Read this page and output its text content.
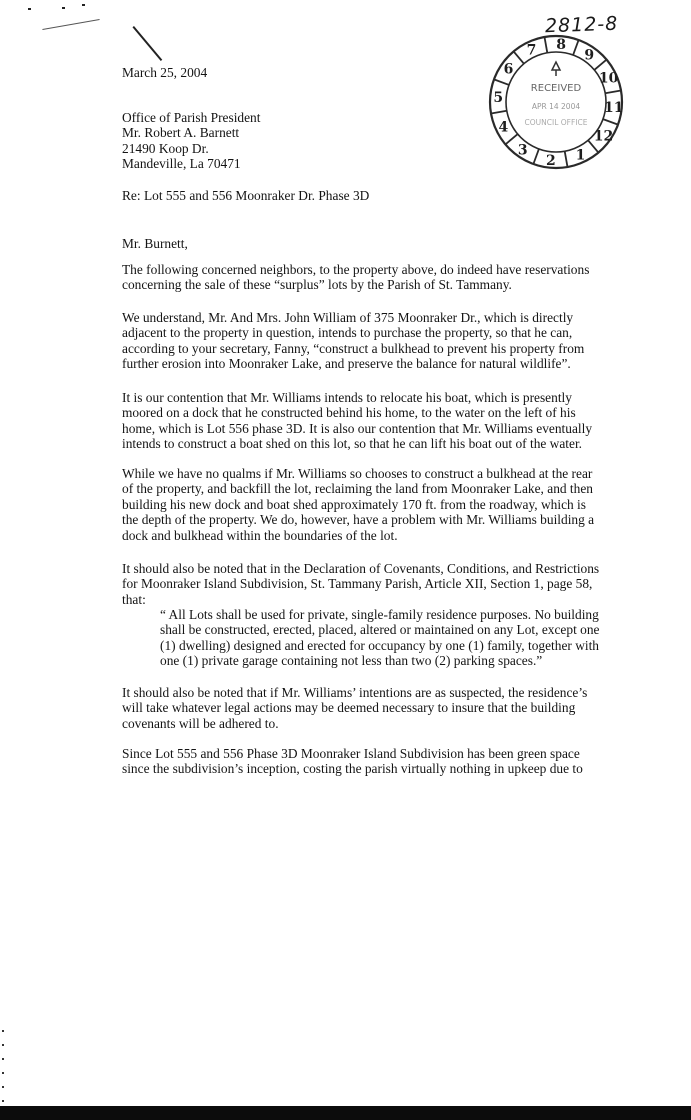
2812-8
7 8
9
10
11
12
1
2
3
4
5
6
RECEIVED
APR 14 2004
COUNCIL OFFICE
March 25, 2004
Office of Parish President
Mr. Robert A. Barnett
21490 Koop Dr.
Mandeville, La 70471
Re: Lot 555 and 556 Moonraker Dr. Phase 3D
Mr. Burnett,
The following concerned neighbors, to the property above, do indeed have reservations
concerning the sale of these “surplus” lots by the Parish of St. Tammany.
We understand, Mr. And Mrs. John William of 375 Moonraker Dr., which is directly
adjacent to the property in question, intends to purchase the property, so that he can,
according to your secretary, Fanny, “construct a bulkhead to prevent his property from
further erosion into Moonraker Lake, and preserve the balance for natural wildlife”.
It is our contention that Mr. Williams intends to relocate his boat, which is presently
moored on a dock that he constructed behind his home, to the water on the left of his
home, which is Lot 556 phase 3D. It is also our contention that Mr. Williams eventually
intends to construct a boat shed on this lot, so that he can lift his boat out of the water.
While we have no qualms if Mr. Williams so chooses to construct a bulkhead at the rear
of the property, and backfill the lot, reclaiming the land from Moonraker Lake, and then
building his new dock and boat shed approximately 170 ft. from the roadway, which is
the depth of the property. We do, however, have a problem with Mr. Williams building a
dock and bulkhead within the boundaries of the lot.
It should also be noted that in the Declaration of Covenants, Conditions, and Restrictions
for Moonraker Island Subdivision, St. Tammany Parish, Article XII, Section 1, page 58,
that:
“ All Lots shall be used for private, single-family residence purposes. No building
shall be constructed, erected, placed, altered or maintained on any Lot, except one
(1) dwelling) designed and erected for occupancy by one (1) family, together with
one (1) private garage containing not less than two (2) parking spaces.”
It should also be noted that if Mr. Williams’ intentions are as suspected, the residence’s
will take whatever legal actions may be deemed necessary to insure that the building
covenants will be adhered to.
Since Lot 555 and 556 Phase 3D Moonraker Island Subdivision has been green space
since the subdivision’s inception, costing the parish virtually nothing in upkeep due to
